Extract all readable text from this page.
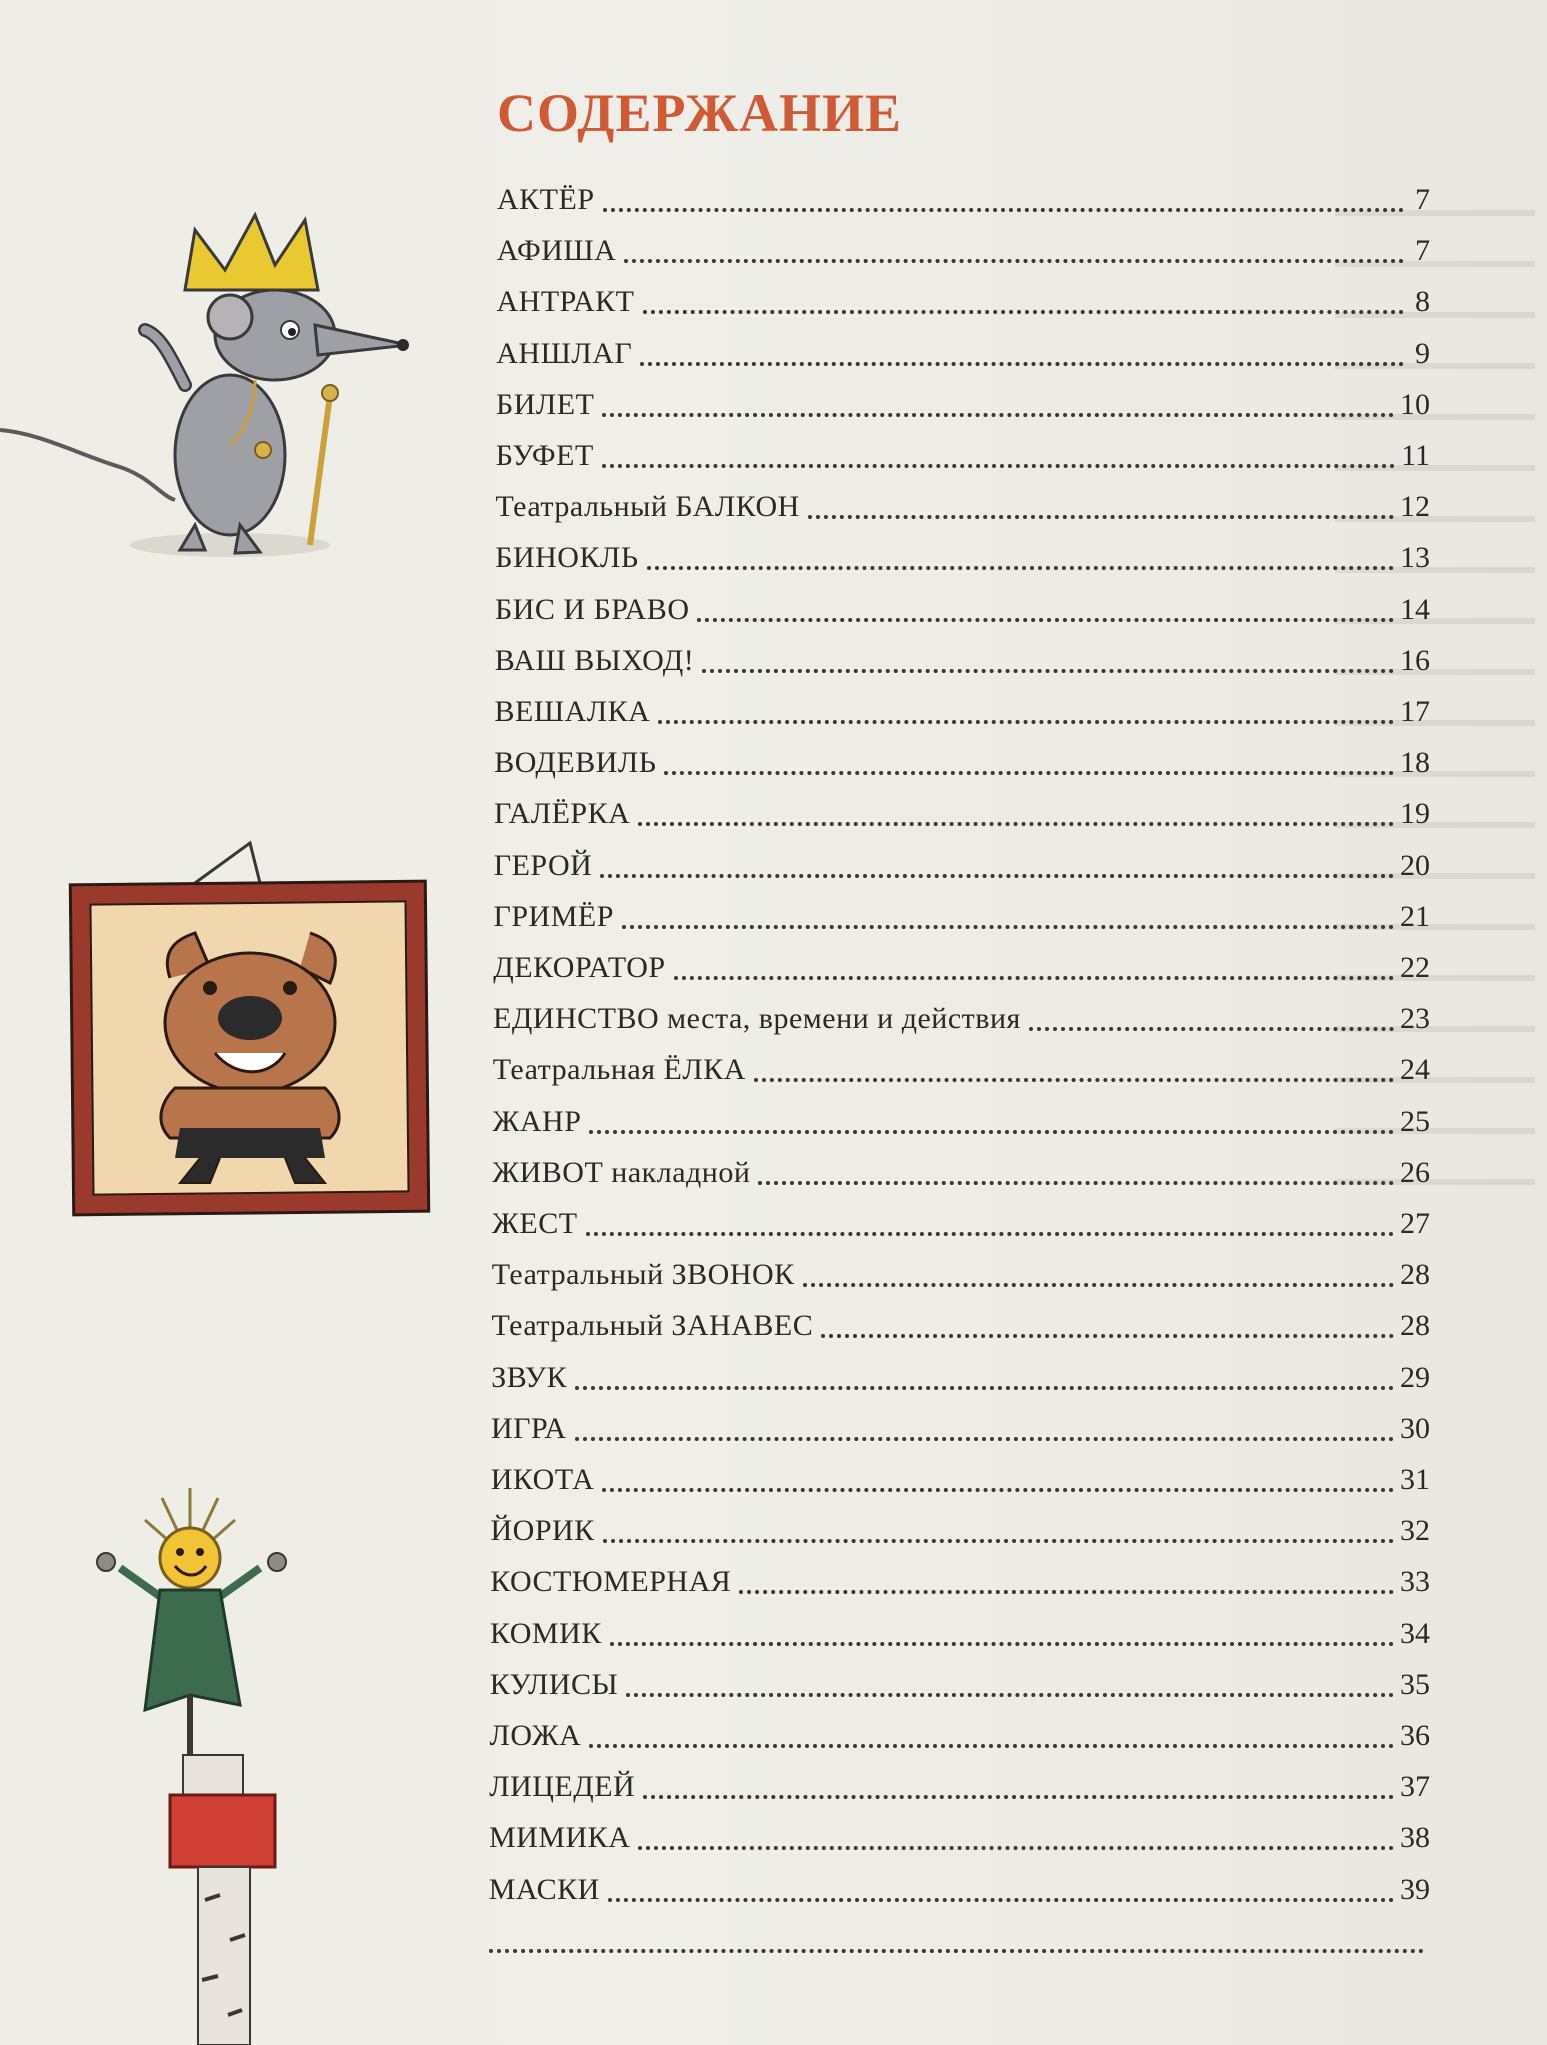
СОДЕРЖАНИЕ
АКТЁР	7
АФИША	7
АНТРАКТ	8
АНШЛАГ	9
БИЛЕТ	10
БУФЕТ	11
Театральный БАЛКОН	12
БИНОКЛЬ	13
БИС И БРАВО	14
ВАШ ВЫХОД!	16
ВЕШАЛКА	17
ВОДЕВИЛЬ	18
ГАЛЁРКА	19
ГЕРОЙ	20
ГРИМЁР	21
ДЕКОРАТОР	22
ЕДИНСТВО места, времени и действия	23
Театральная ЁЛКА	24
ЖАНР	25
ЖИВОТ накладной	26
ЖЕСТ	27
Театральный ЗВОНОК	28
Театральный ЗАНАВЕС	28
ЗВУК	29
ИГРА	30
ИКОТА	31
ЙОРИК	32
КОСТЮМЕРНАЯ	33
КОМИК	34
КУЛИСЫ	35
ЛОЖА	36
ЛИЦЕДЕЙ	37
МИМИКА	38
МАСКИ	39
